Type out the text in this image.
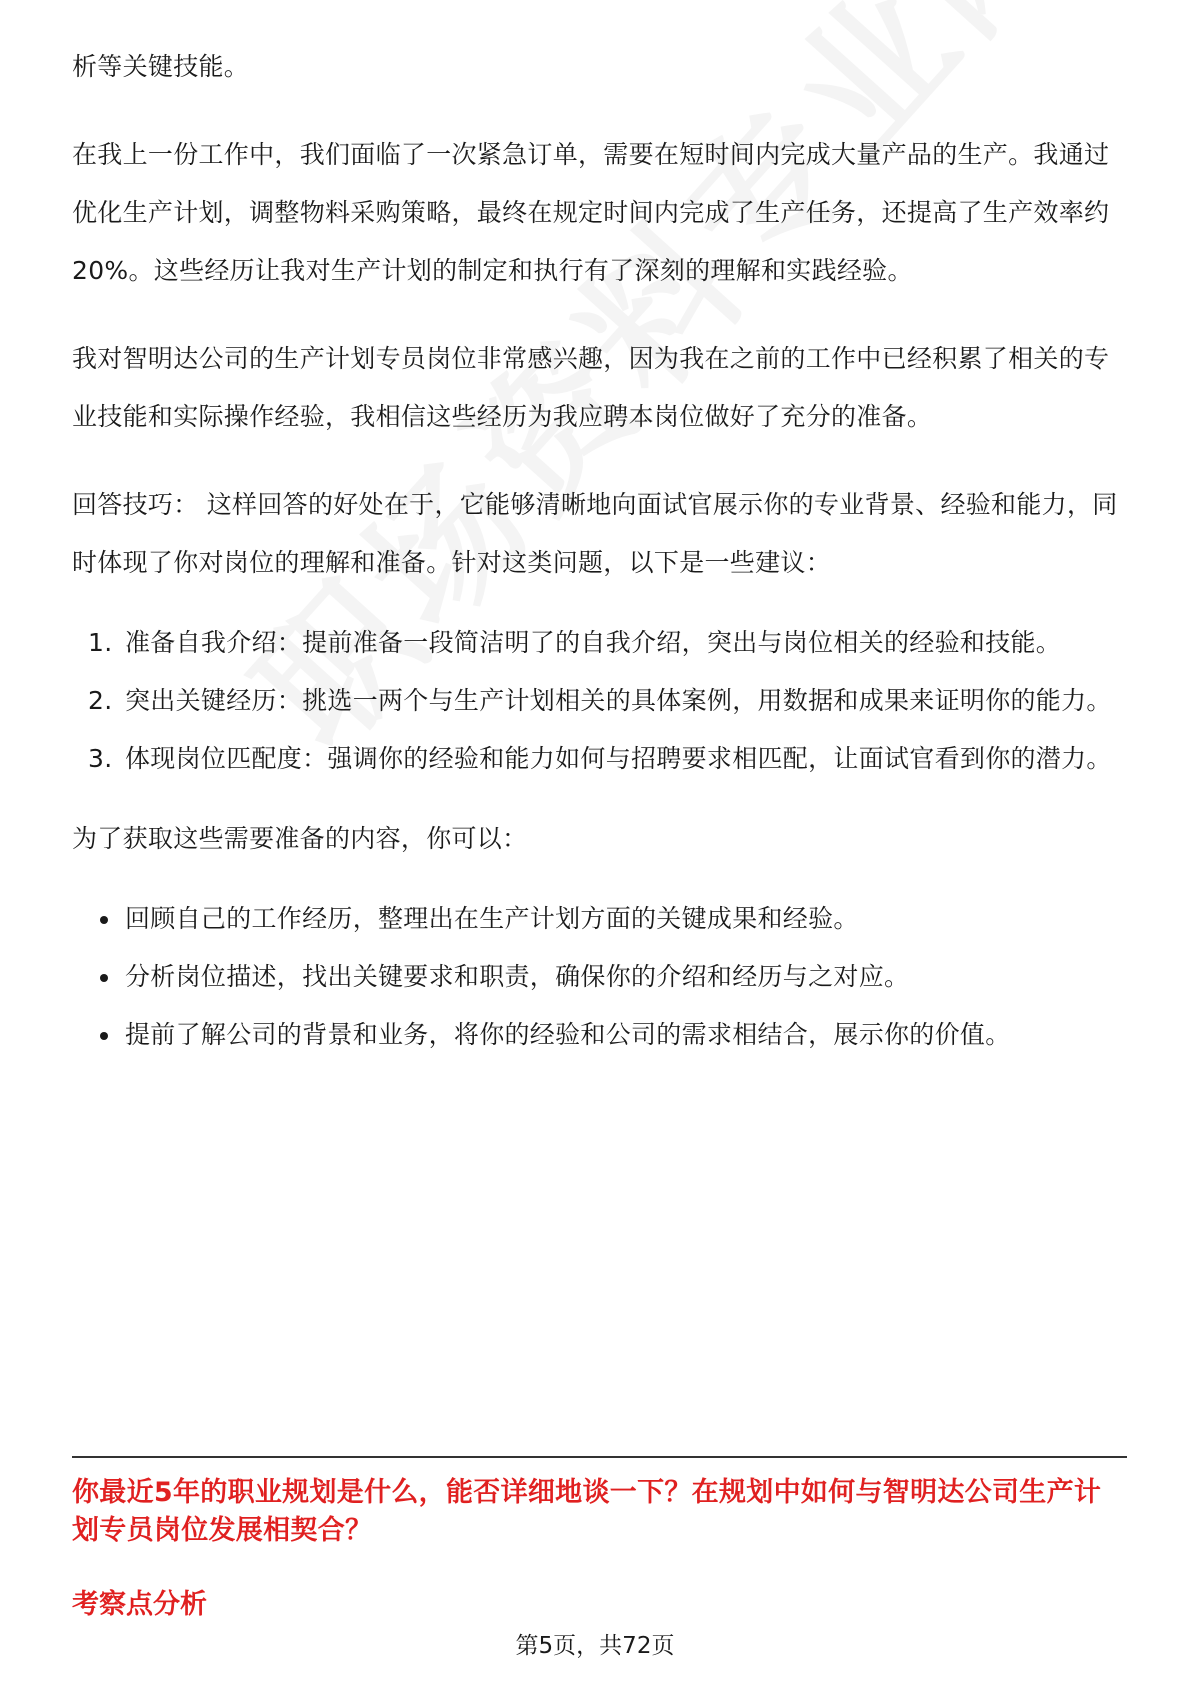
析等关键技能。

在我上一份工作中，我们面临了一次紧急订单，需要在短时间内完成大量产品的生产。我通过优化生产计划，调整物料采购策略，最终在规定时间内完成了生产任务，还提高了生产效率约20%。这些经历让我对生产计划的制定和执行有了深刻的理解和实践经验。

我对智明达公司的生产计划专员岗位非常感兴趣，因为我在之前的工作中已经积累了相关的专业技能和实际操作经验，我相信这些经历为我应聘本岗位做好了充分的准备。

回答技巧： 这样回答的好处在于，它能够清晰地向面试官展示你的专业背景、经验和能力，同时体现了你对岗位的理解和准备。针对这类问题，以下是一些建议：

1. 准备自我介绍：提前准备一段简洁明了的自我介绍，突出与岗位相关的经验和技能。
2. 突出关键经历：挑选一两个与生产计划相关的具体案例，用数据和成果来证明你的能力。
3. 体现岗位匹配度：强调你的经验和能力如何与招聘要求相匹配，让面试官看到你的潜力。

为了获取这些需要准备的内容，你可以：

回顾自己的工作经历，整理出在生产计划方面的关键成果和经验。
分析岗位描述，找出关键要求和职责，确保你的介绍和经历与之对应。
提前了解公司的背景和业务，将你的经验和公司的需求相结合，展示你的价值。

你最近5年的职业规划是什么，能否详细地谈一下？在规划中如何与智明达公司生产计划专员岗位发展相契合？

考察点分析

第5页，共72页
